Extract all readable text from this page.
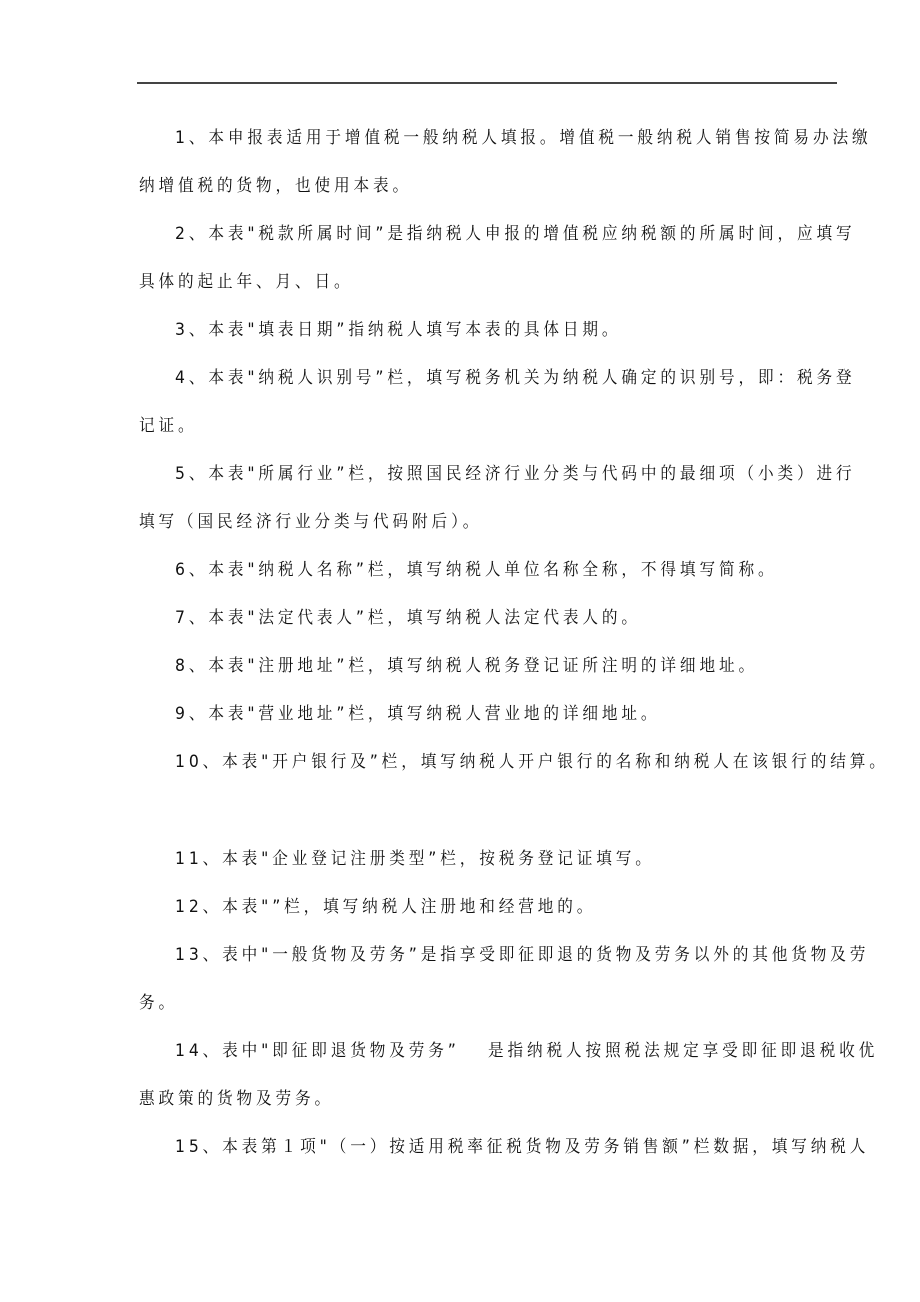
1、本申报表适用于增值税一般纳税人填报。增值税一般纳税人销售按简易办法缴
纳增值税的货物，也使用本表。
2、本表"税款所属时间”是指纳税人申报的增值税应纳税额的所属时间，应填写
具体的起止年、月、日。
3、本表"填表日期”指纳税人填写本表的具体日期。
4、本表"纳税人识别号”栏，填写税务机关为纳税人确定的识别号，即：税务登
记证。
5、本表"所属行业”栏，按照国民经济行业分类与代码中的最细项（小类）进行
填写（国民经济行业分类与代码附后）。
6、本表"纳税人名称”栏，填写纳税人单位名称全称，不得填写简称。
7、本表"法定代表人”栏，填写纳税人法定代表人的。
8、本表"注册地址”栏，填写纳税人税务登记证所注明的详细地址。
9、本表"营业地址”栏，填写纳税人营业地的详细地址。
10、本表"开户银行及”栏，填写纳税人开户银行的名称和纳税人在该银行的结算。
11、本表"企业登记注册类型”栏，按税务登记证填写。
12、本表"”栏，填写纳税人注册地和经营地的。
13、表中"一般货物及劳务”是指享受即征即退的货物及劳务以外的其他货物及劳
务。
14、表中"即征即退货物及劳务”　 是指纳税人按照税法规定享受即征即退税收优
惠政策的货物及劳务。
15、本表第１项"（一）按适用税率征税货物及劳务销售额”栏数据，填写纳税人
